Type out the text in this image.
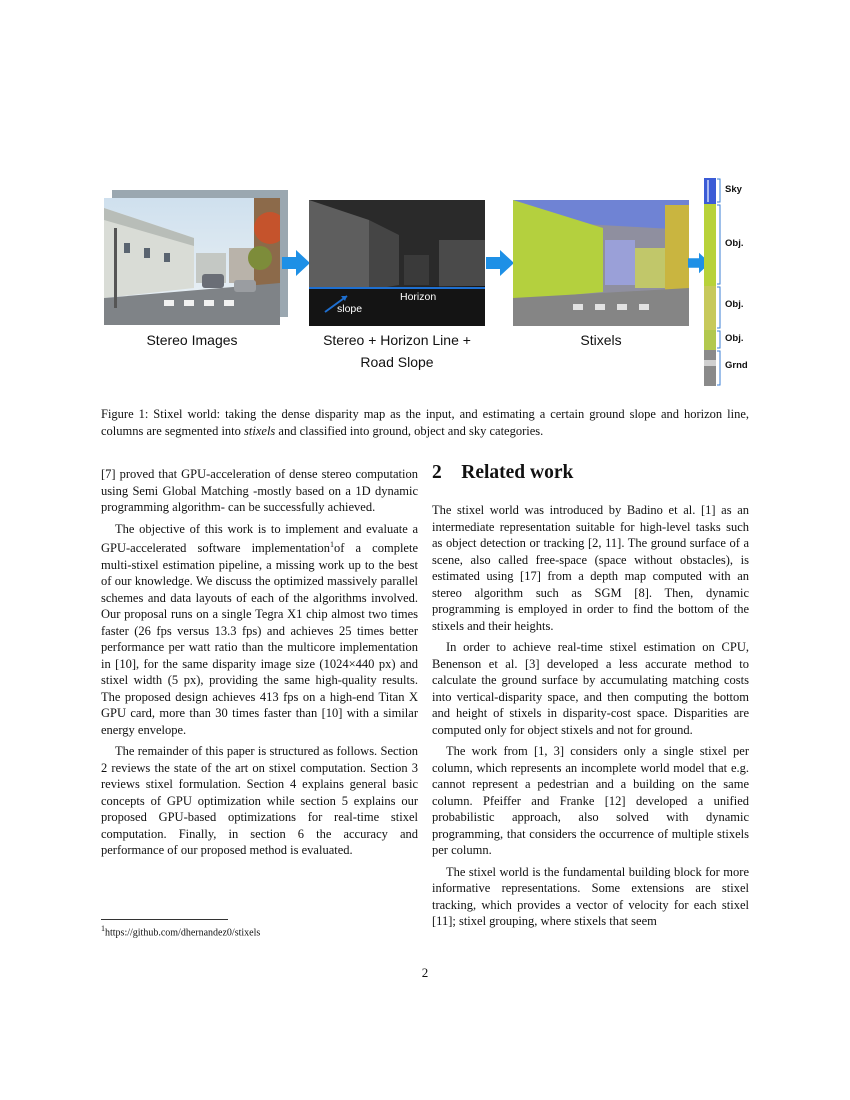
Horizon
slope
Sky
Obj.
Obj.
Obj.
Grnd
Stereo Images	Stereo + Horizon Line +
Road Slope
Stixels
Figure 1: Stixel world: taking the dense disparity map as the input, and estimating a certain ground slope and horizon line, columns are segmented into stixels and classified into ground, object and sky categories.

[7] proved that GPU-acceleration of dense stereo computation using Semi Global Matching -mostly based on a 1D dynamic programming algorithm- can be successfully achieved.

The objective of this work is to implement and evaluate a GPU-accelerated software implementation$^1$of a complete multi-stixel estimation pipeline, a missing work up to the best of our knowledge. We discuss the optimized massively parallel schemes and data layouts of each of the algorithms involved. Our proposal runs on a single Tegra X1 chip almost two times faster (26 fps versus 13.3 fps) and achieves 25 times better performance per watt ratio than the multicore implementation in [10], for the same disparity image size (1024×440 px) and stixel width (5 px), providing the same high-quality results. The proposed design achieves 413 fps on a high-end Titan X GPU card, more than 30 times faster than [10] with a similar energy envelope.

The remainder of this paper is structured as follows. Section 2 reviews the state of the art on stixel computation. Section 3 reviews stixel formulation. Section 4 explains general basic concepts of GPU optimization while section 5 explains our proposed GPU-based optimizations for real-time stixel computation. Finally, in section 6 the accuracy and performance of our proposed method is evaluated.

$^1$https://github.com/dhernandez0/stixels
2    Related work

The stixel world was introduced by Badino et al. [1] as an intermediate representation suitable for high-level tasks such as object detection or tracking [2, 11]. The ground surface of a scene, also called free-space (space without obstacles), is estimated using [17] from a depth map computed with an stereo algorithm such as SGM [8]. Then, dynamic programming is employed in order to find the bottom of the stixels and their heights.

In order to achieve real-time stixel estimation on CPU, Benenson et al. [3] developed a less accurate method to calculate the ground surface by accumulating matching costs into vertical-disparity space, and then computing the bottom and height of stixels in disparity-cost space. Disparities are computed only for object stixels and not for ground.

The work from [1, 3] considers only a single stixel per column, which represents an incomplete world model that e.g. cannot represent a pedestrian and a building on the same column. Pfeiffer and Franke [12] developed a unified probabilistic approach, also solved with dynamic programming, that considers the occurrence of multiple stixels per column.

The stixel world is the fundamental building block for more informative representations. Some extensions are stixel tracking, which provides a vector of velocity for each stixel [11]; stixel grouping, where stixels that seem

2
